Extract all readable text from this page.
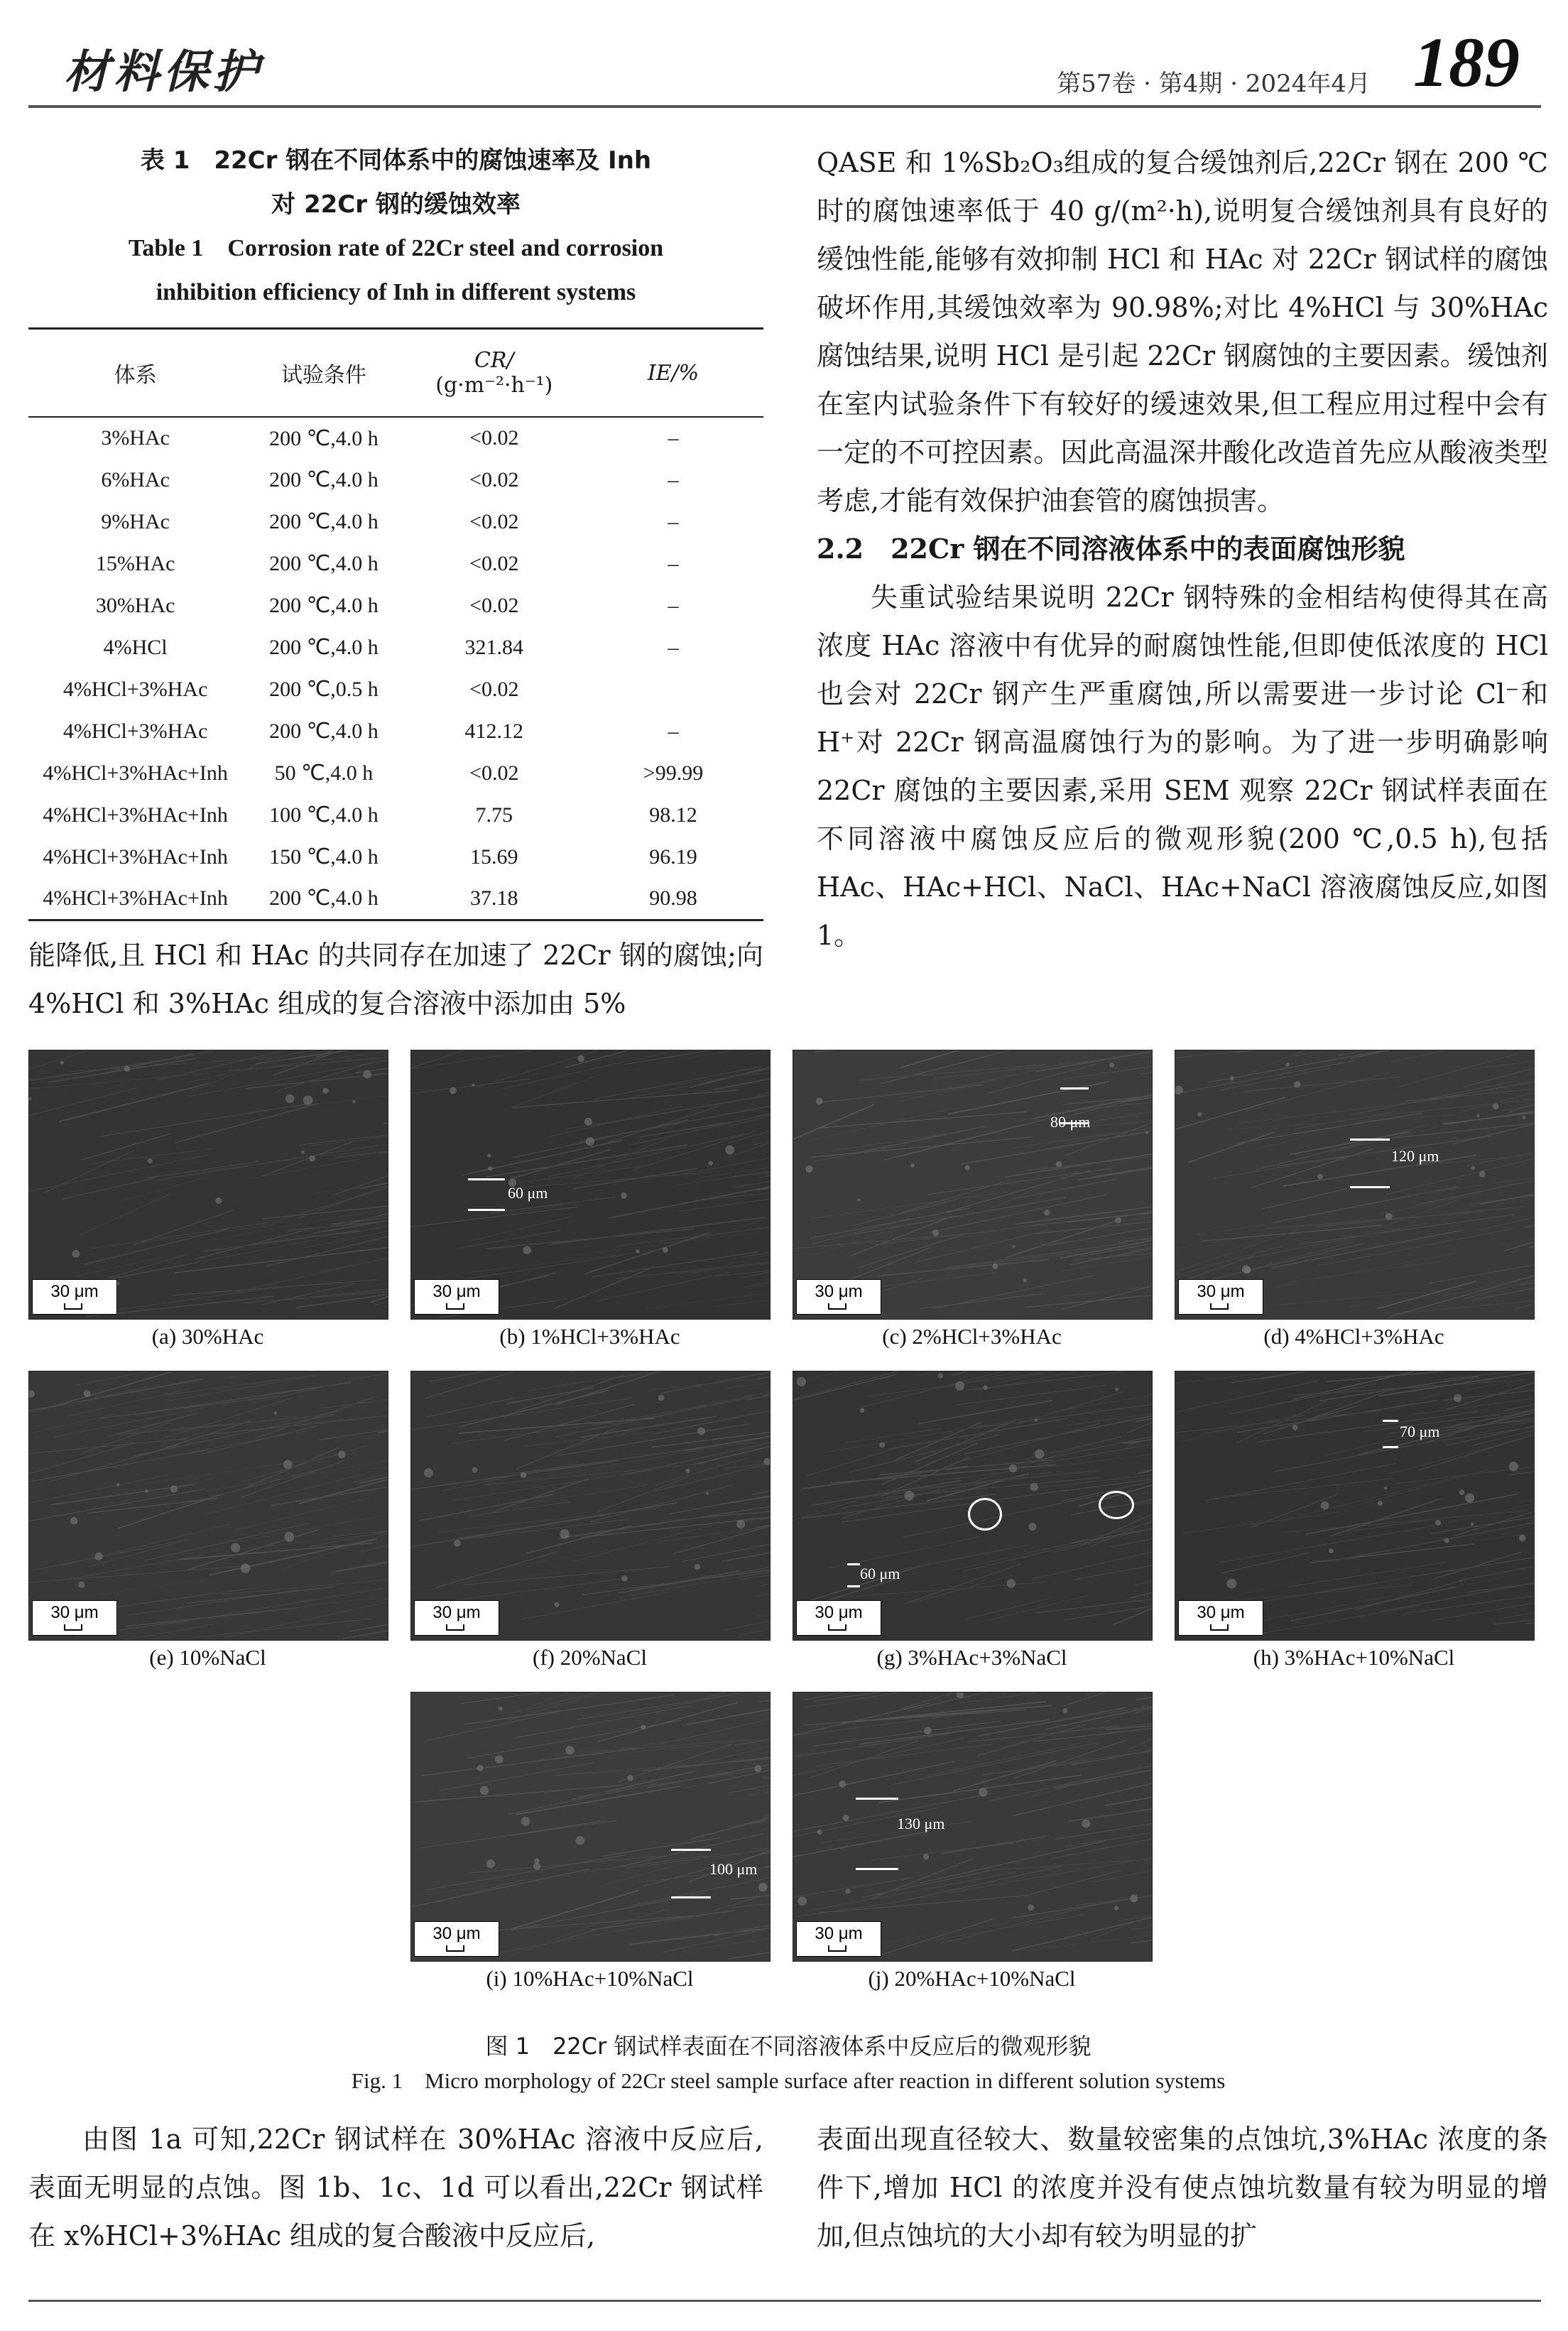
材料保护	第57卷 · 第4期 · 2024年4月 189
表 1　22Cr 钢在不同体系中的腐蚀速率及 Inh
对 22Cr 钢的缓蚀效率
Table 1　Corrosion rate of 22Cr steel and corrosion
inhibition efficiency of Inh in different systems
体系	试验条件	CR/
(g·m⁻²·h⁻¹)	IE/%
3%HAc	200 ℃,4.0 h	<0.02	–
6%HAc	200 ℃,4.0 h	<0.02	–
9%HAc	200 ℃,4.0 h	<0.02	–
15%HAc	200 ℃,4.0 h	<0.02	–
30%HAc	200 ℃,4.0 h	<0.02	–
4%HCl	200 ℃,4.0 h	321.84	–
4%HCl+3%HAc	200 ℃,0.5 h	<0.02	
4%HCl+3%HAc	200 ℃,4.0 h	412.12	–
4%HCl+3%HAc+Inh	50 ℃,4.0 h	<0.02	>99.99
4%HCl+3%HAc+Inh	100 ℃,4.0 h	7.75	98.12
4%HCl+3%HAc+Inh	150 ℃,4.0 h	15.69	96.19
4%HCl+3%HAc+Inh	200 ℃,4.0 h	37.18	90.98

能降低,且 HCl 和 HAc 的共同存在加速了 22Cr 钢的腐蚀;向 4%HCl 和 3%HAc 组成的复合溶液中添加由 5%

QASE 和 1%Sb₂O₃组成的复合缓蚀剂后,22Cr 钢在 200 ℃时的腐蚀速率低于 40 g/(m²·h),说明复合缓蚀剂具有良好的缓蚀性能,能够有效抑制 HCl 和 HAc 对 22Cr 钢试样的腐蚀破坏作用,其缓蚀效率为 90.98%;对比 4%HCl 与 30%HAc 腐蚀结果,说明 HCl 是引起 22Cr 钢腐蚀的主要因素。缓蚀剂在室内试验条件下有较好的缓速效果,但工程应用过程中会有一定的不可控因素。因此高温深井酸化改造首先应从酸液类型考虑,才能有效保护油套管的腐蚀损害。

2.2　22Cr 钢在不同溶液体系中的表面腐蚀形貌

失重试验结果说明 22Cr 钢特殊的金相结构使得其在高浓度 HAc 溶液中有优异的耐腐蚀性能,但即使低浓度的 HCl 也会对 22Cr 钢产生严重腐蚀,所以需要进一步讨论 Cl⁻和 H⁺对 22Cr 钢高温腐蚀行为的影响。为了进一步明确影响 22Cr 腐蚀的主要因素,采用 SEM 观察 22Cr 钢试样表面在不同溶液中腐蚀反应后的微观形貌(200 ℃,0.5 h),包括 HAc、HAc+HCl、NaCl、HAc+NaCl 溶液腐蚀反应,如图 1。

图 1　22Cr 钢试样表面在不同溶液体系中反应后的微观形貌
Fig. 1　Micro morphology of 22Cr steel sample surface after reaction in different solution systems
30 μm
(a) 30%HAc
30 μm
60 μm
(b) 1%HCl+3%HAc
30 μm
80 μm
(c) 2%HCl+3%HAc
30 μm
120 μm
(d) 4%HCl+3%HAc
30 μm
(e) 10%NaCl
30 μm
(f) 20%NaCl
30 μm
60 μm
(g) 3%HAc+3%NaCl
30 μm
70 μm
(h) 3%HAc+10%NaCl
30 μm
100 μm
(i) 10%HAc+10%NaCl
30 μm
130 μm
(j) 20%HAc+10%NaCl

由图 1a 可知,22Cr 钢试样在 30%HAc 溶液中反应后,表面无明显的点蚀。图 1b、1c、1d 可以看出,22Cr 钢试样在 x%HCl+3%HAc 组成的复合酸液中反应后,

表面出现直径较大、数量较密集的点蚀坑,3%HAc 浓度的条件下,增加 HCl 的浓度并没有使点蚀坑数量有较为明显的增加,但点蚀坑的大小却有较为明显的扩
